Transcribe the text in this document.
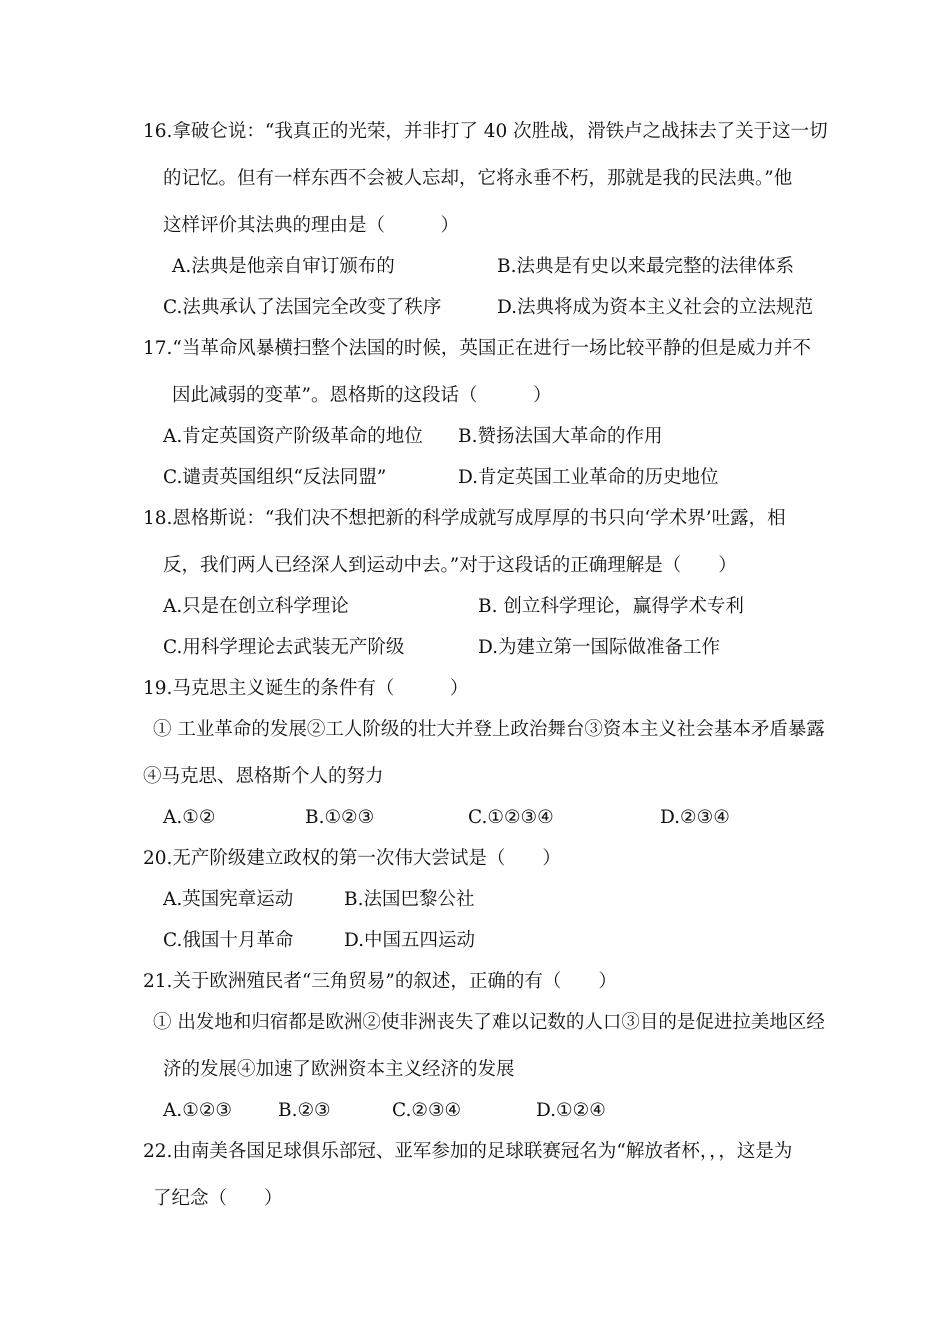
16.拿破仑说：“我真正的光荣，并非打了 40 次胜战，滑铁卢之战抹去了关于这一切
的记忆。但有一样东西不会被人忘却，它将永垂不朽，那就是我的民法典。”他
这样评价其法典的理由是（　　　）
A.法典是他亲自审订颁布的	B.法典是有史以来最完整的法律体系
C.法典承认了法国完全改变了秩序	D.法典将成为资本主义社会的立法规范
17.“当革命风暴横扫整个法国的时候，英国正在进行一场比较平静的但是威力并不
因此减弱的变革”。恩格斯的这段话（　　　）
A.肯定英国资产阶级革命的地位 B.赞扬法国大革命的作用
C.谴责英国组织“反法同盟”	D.肯定英国工业革命的历史地位
18.恩格斯说：“我们决不想把新的科学成就写成厚厚的书只向‘学术界’吐露，相
反，我们两人已经深人到运动中去。”对于这段话的正确理解是（　　）
A.只是在创立科学理论	B. 创立科学理论，赢得学术专利
C.用科学理论去武装无产阶级	D.为建立第一国际做准备工作
19.马克思主义诞生的条件有（　　　）
① 工业革命的发展②工人阶级的壮大并登上政治舞台③资本主义社会基本矛盾暴露
④马克思、恩格斯个人的努力
A.①②	B.①②③	C.①②③④	D.②③④
20.无产阶级建立政权的第一次伟大尝试是（　　）
A.英国宪章运动	B.法国巴黎公社
C.俄国十月革命	D.中国五四运动
21.关于欧洲殖民者“三角贸易”的叙述，正确的有（　　）
① 出发地和归宿都是欧洲②使非洲丧失了难以记数的人口③目的是促进拉美地区经
济的发展④加速了欧洲资本主义经济的发展
A.①②③ B.②③	C.②③④	D.①②④
22.由南美各国足球俱乐部冠、亚军参加的足球联赛冠名为“解放者杯，，，这是为
了纪念（　　）
